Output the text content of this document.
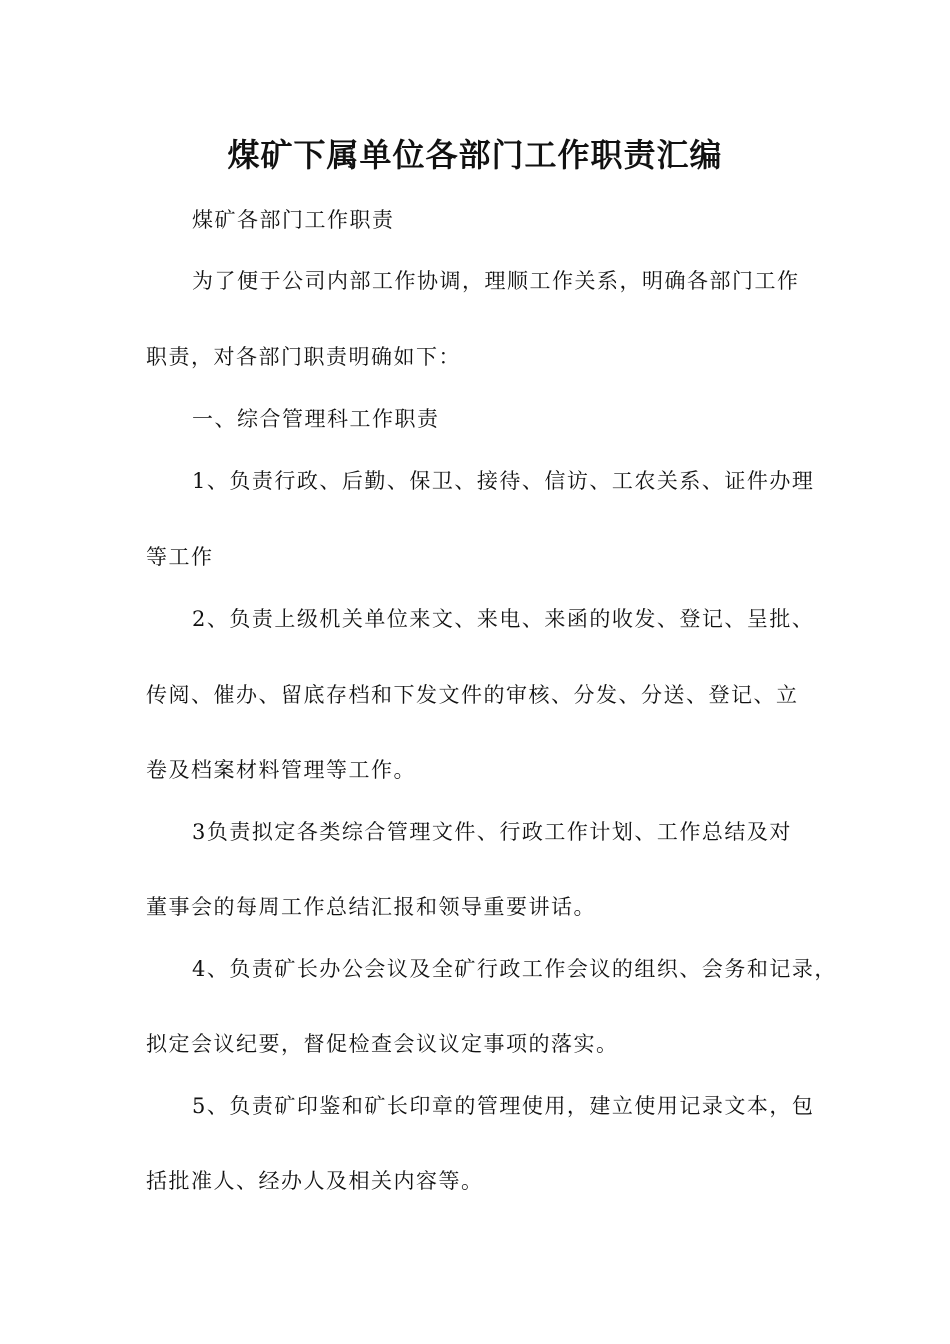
煤矿下属单位各部门工作职责汇编
煤矿各部门工作职责
为了便于公司内部工作协调，理顺工作关系，明确各部门工作
职责，对各部门职责明确如下：
一、综合管理科工作职责
1、负责行政、后勤、保卫、接待、信访、工农关系、证件办理
等工作
2、负责上级机关单位来文、来电、来函的收发、登记、呈批、
传阅、催办、留底存档和下发文件的审核、分发、分送、登记、立
卷及档案材料管理等工作。
3负责拟定各类综合管理文件、行政工作计划、工作总结及对
董事会的每周工作总结汇报和领导重要讲话。
4、负责矿长办公会议及全矿行政工作会议的组织、会务和记录，
拟定会议纪要，督促检查会议议定事项的落实。
5、负责矿印鉴和矿长印章的管理使用，建立使用记录文本，包
括批准人、经办人及相关内容等。
